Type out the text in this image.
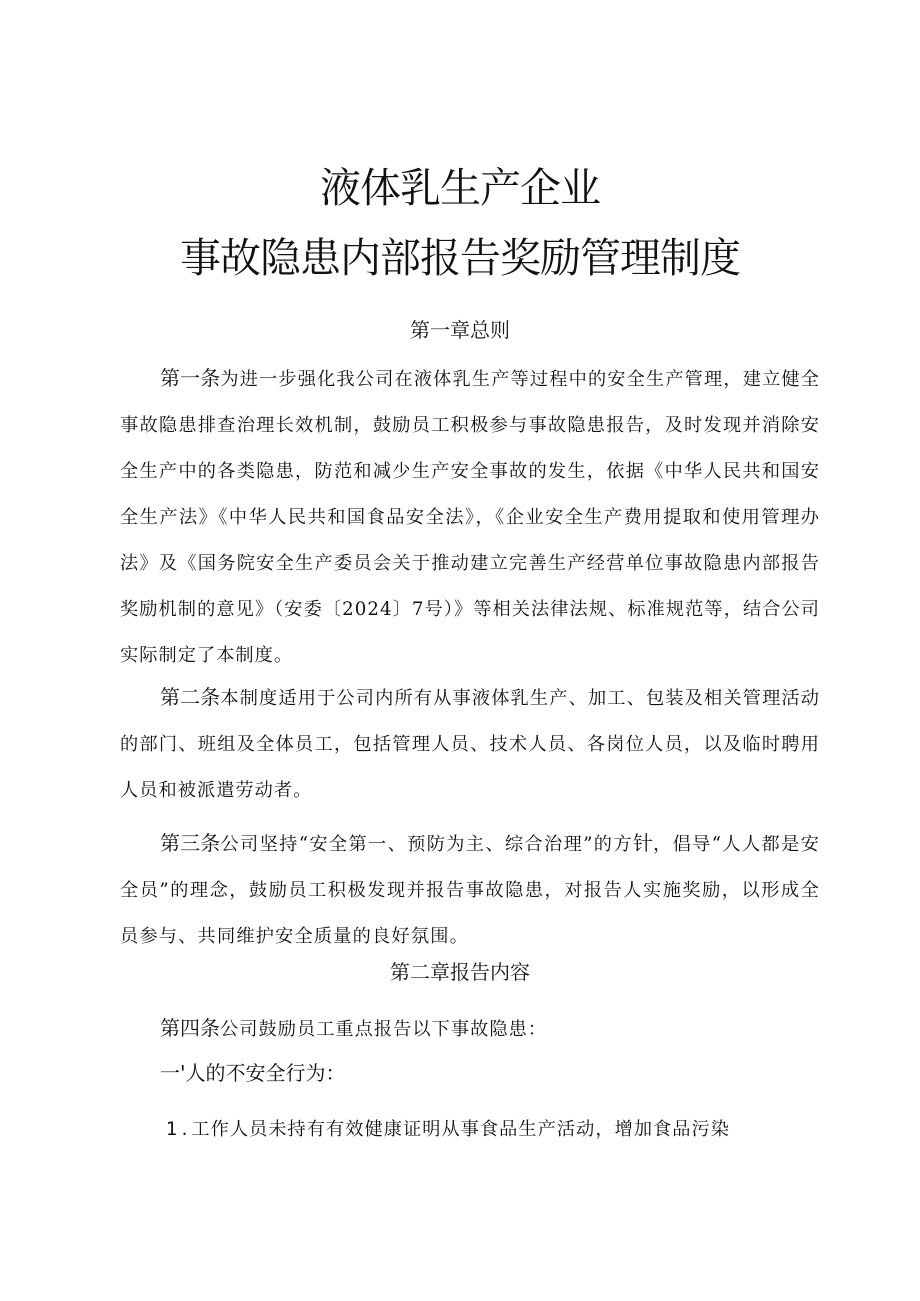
液体乳生产企业
事故隐患内部报告奖励管理制度
第一章总则
第一条为进一步强化我公司在液体乳生产等过程中的安全生产管理，建立健全事故隐患排查治理长效机制，鼓励员工积极参与事故隐患报告，及时发现并消除安全生产中的各类隐患，防范和减少生产安全事故的发生，依据《中华人民共和国安全生产法》《中华人民共和国食品安全法》，《企业安全生产费用提取和使用管理办法》及《国务院安全生产委员会关于推动建立完善生产经营单位事故隐患内部报告奖励机制的意见》（安委〔2024〕7号）》等相关法律法规、标准规范等，结合公司实际制定了本制度。
第二条本制度适用于公司内所有从事液体乳生产、加工、包装及相关管理活动的部门、班组及全体员工，包括管理人员、技术人员、各岗位人员，以及临时聘用人员和被派遣劳动者。
第三条公司坚持“安全第一、预防为主、综合治理”的方针，倡导“人人都是安全员”的理念，鼓励员工积极发现并报告事故隐患，对报告人实施奖励，以形成全员参与、共同维护安全质量的良好氛围。
第二章报告内容
第四条公司鼓励员工重点报告以下事故隐患：
一'人的不安全行为：
1.工作人员未持有有效健康证明从事食品生产活动，增加食品污染
